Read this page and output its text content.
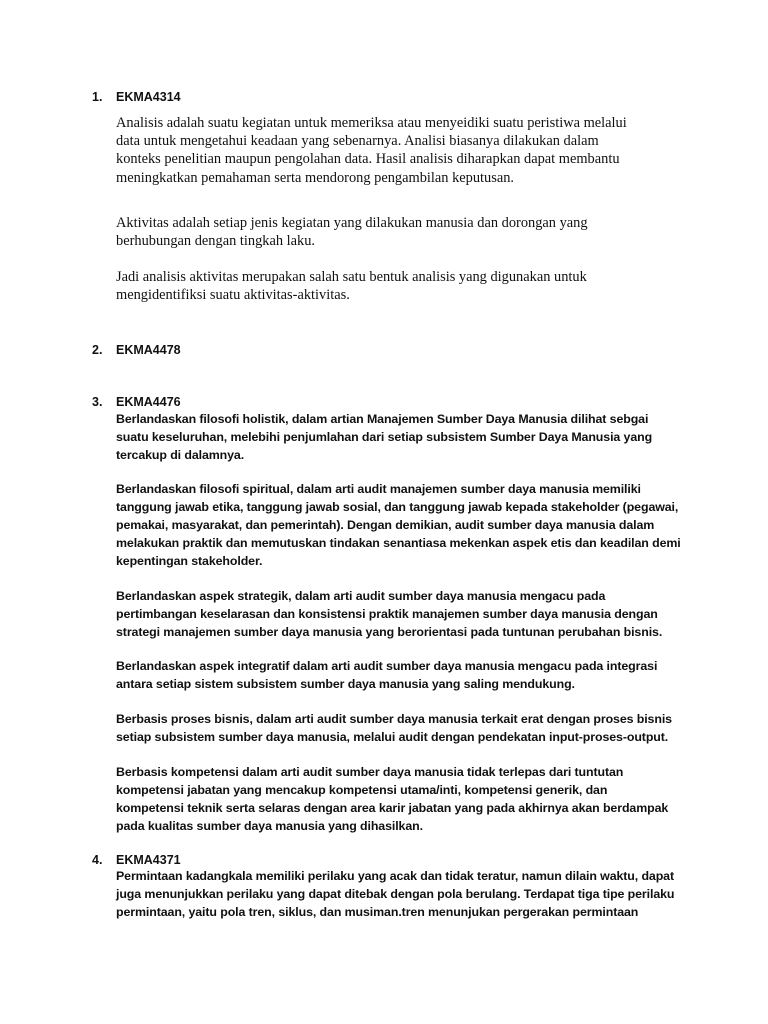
1. EKMA4314
Analisis adalah suatu kegiatan untuk memeriksa atau menyeidiki suatu peristiwa melalui
data untuk mengetahui keadaan yang sebenarnya. Analisi biasanya dilakukan dalam
konteks penelitian maupun pengolahan data. Hasil analisis diharapkan dapat membantu
meningkatkan pemahaman serta mendorong pengambilan keputusan.
Aktivitas adalah setiap jenis kegiatan yang dilakukan manusia dan dorongan yang
berhubungan dengan tingkah laku.
Jadi analisis aktivitas merupakan salah satu bentuk analisis yang digunakan untuk
mengidentifiksi suatu aktivitas-aktivitas.
2. EKMA4478
3. EKMA4476
Berlandaskan filosofi holistik, dalam artian Manajemen Sumber Daya Manusia dilihat sebgai
suatu keseluruhan, melebihi penjumlahan dari setiap subsistem Sumber Daya Manusia yang
tercakup di dalamnya.
Berlandaskan filosofi spiritual, dalam arti audit manajemen sumber daya manusia memiliki
tanggung jawab etika, tanggung jawab sosial, dan tanggung jawab kepada stakeholder (pegawai,
pemakai, masyarakat, dan pemerintah). Dengan demikian, audit sumber daya manusia dalam
melakukan praktik dan memutuskan tindakan senantiasa mekenkan aspek etis dan keadilan demi
kepentingan stakeholder.
Berlandaskan aspek strategik, dalam arti audit sumber daya manusia mengacu pada
pertimbangan keselarasan dan konsistensi praktik manajemen sumber daya manusia dengan
strategi manajemen sumber daya manusia yang berorientasi pada tuntunan perubahan bisnis.
Berlandaskan aspek integratif dalam arti audit sumber daya manusia mengacu pada integrasi
antara setiap sistem subsistem sumber daya manusia yang saling mendukung.
Berbasis proses bisnis, dalam arti audit sumber daya manusia terkait erat dengan proses bisnis
setiap subsistem sumber daya manusia, melalui audit dengan pendekatan input-proses-output.
Berbasis kompetensi dalam arti audit sumber daya manusia tidak terlepas dari tuntutan
kompetensi jabatan yang mencakup kompetensi utama/inti, kompetensi generik, dan
kompetensi teknik serta selaras dengan area karir jabatan yang pada akhirnya akan berdampak
pada kualitas sumber daya manusia yang dihasilkan.
4. EKMA4371
Permintaan kadangkala memiliki perilaku yang acak dan tidak teratur, namun dilain waktu, dapat
juga menunjukkan perilaku yang dapat ditebak dengan pola berulang. Terdapat tiga tipe perilaku
permintaan, yaitu pola tren, siklus, dan musiman.tren menunjukan pergerakan permintaan
